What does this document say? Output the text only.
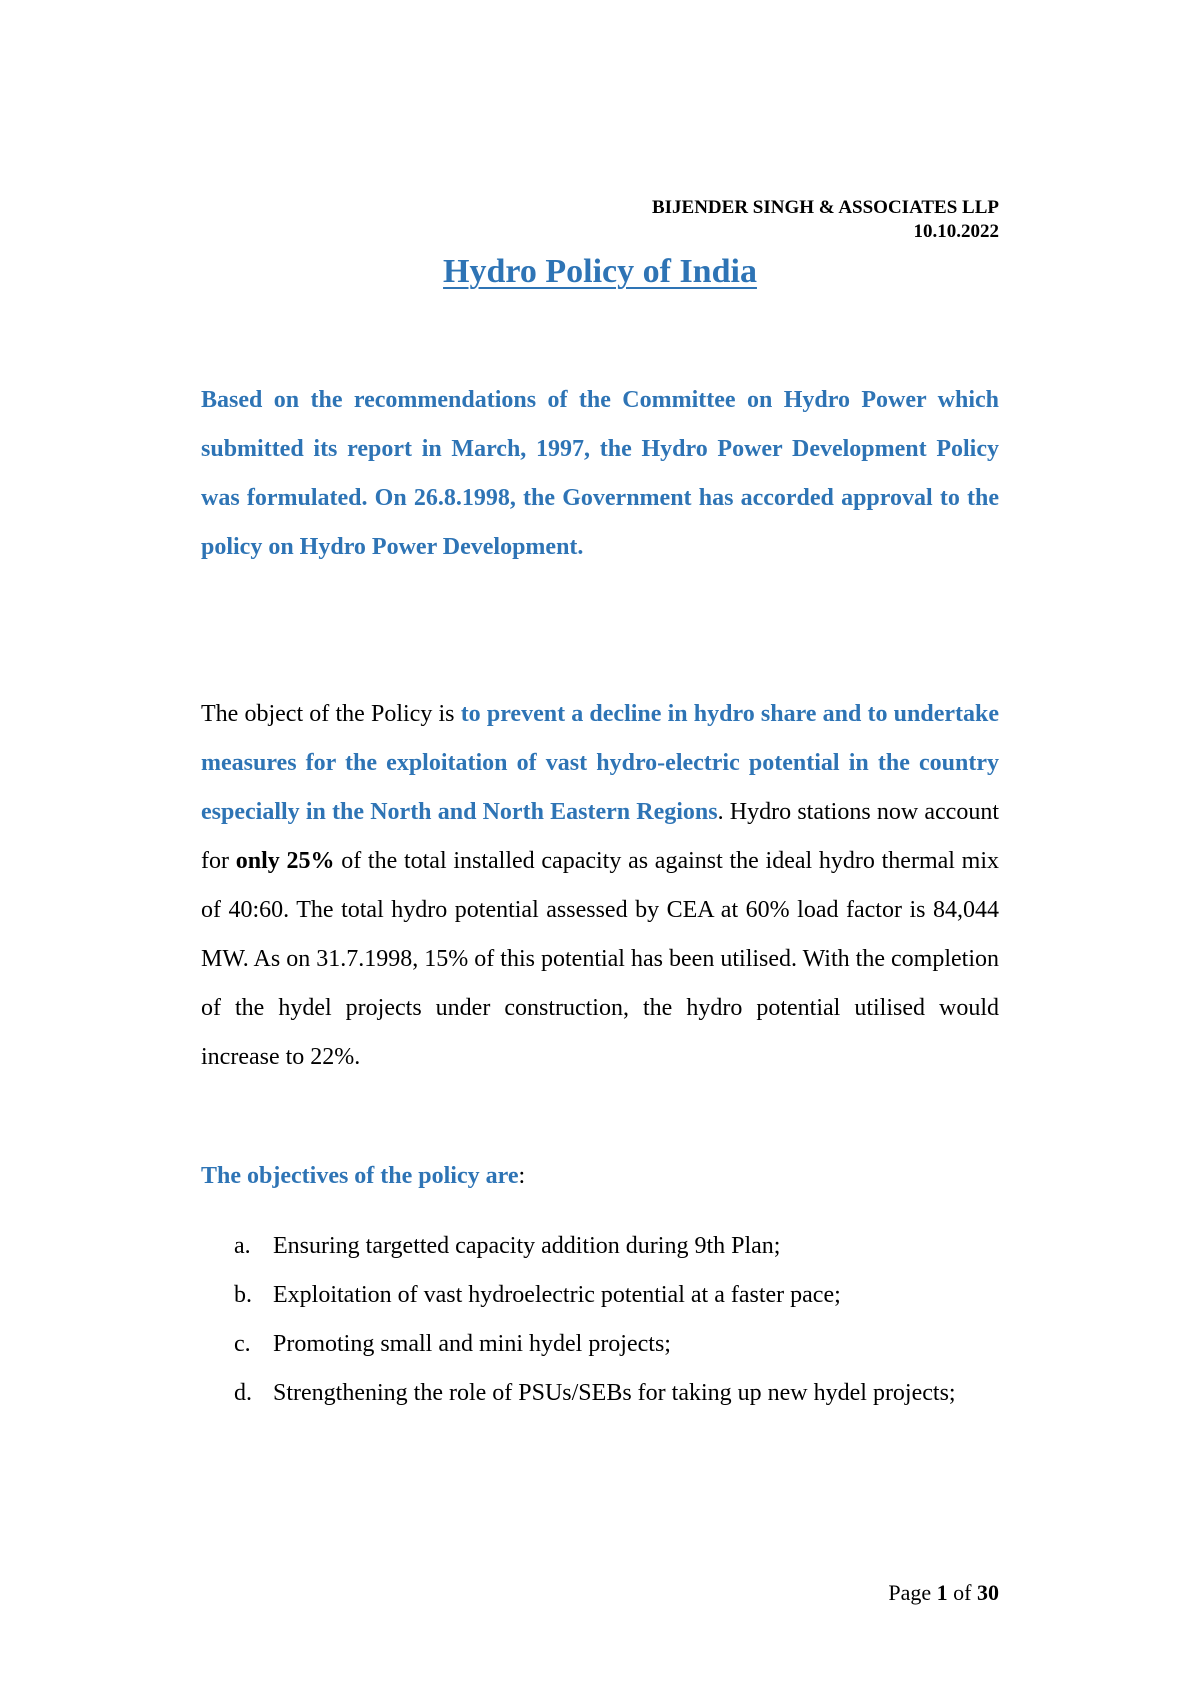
BIJENDER SINGH & ASSOCIATES LLP
10.10.2022
Hydro Policy of India

Based on the recommendations of the Committee on Hydro Power which submitted its report in March, 1997, the Hydro Power Development Policy was formulated. On 26.8.1998, the Government has accorded approval to the policy on Hydro Power Development.

The object of the Policy is to prevent a decline in hydro share and to undertake measures for the exploitation of vast hydro-electric potential in the country especially in the North and North Eastern Regions. Hydro stations now account for only 25% of the total installed capacity as against the ideal hydro thermal mix of 40:60. The total hydro potential assessed by CEA at 60% load factor is 84,044 MW. As on 31.7.1998, 15% of this potential has been utilised. With the completion of the hydel projects under construction, the hydro potential utilised would increase to 22%.

The objectives of the policy are:
a. Ensuring targetted capacity addition during 9th Plan;
b. Exploitation of vast hydroelectric potential at a faster pace;
c. Promoting small and mini hydel projects;
d. Strengthening the role of PSUs/SEBs for taking up new hydel projects;
Page 1 of 30
